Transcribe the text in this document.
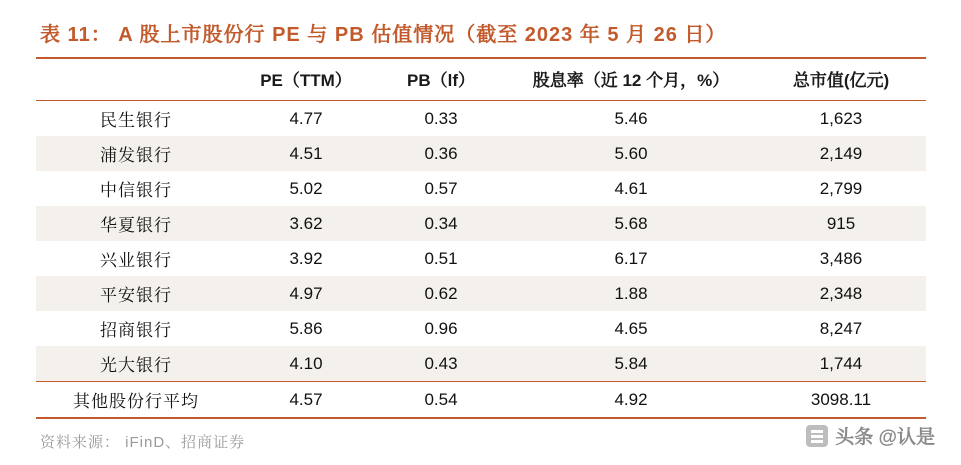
表 11： A 股上市股份行 PE 与 PB 估值情况（截至 2023 年 5 月 26 日）
	PE（TTM）	PB（lf）	股息率（近 12 个月，%）	总市值(亿元)
民生银行	4.77	0.33	5.46	1,623
浦发银行	4.51	0.36	5.60	2,149
中信银行	5.02	0.57	4.61	2,799
华夏银行	3.62	0.34	5.68	915
兴业银行	3.92	0.51	6.17	3,486
平安银行	4.97	0.62	1.88	2,348
招商银行	5.86	0.96	4.65	8,247
光大银行	4.10	0.43	5.84	1,744
其他股份行平均	4.57	0.54	4.92	3098.11
资料来源： iFinD、招商证券	头条 @认是
